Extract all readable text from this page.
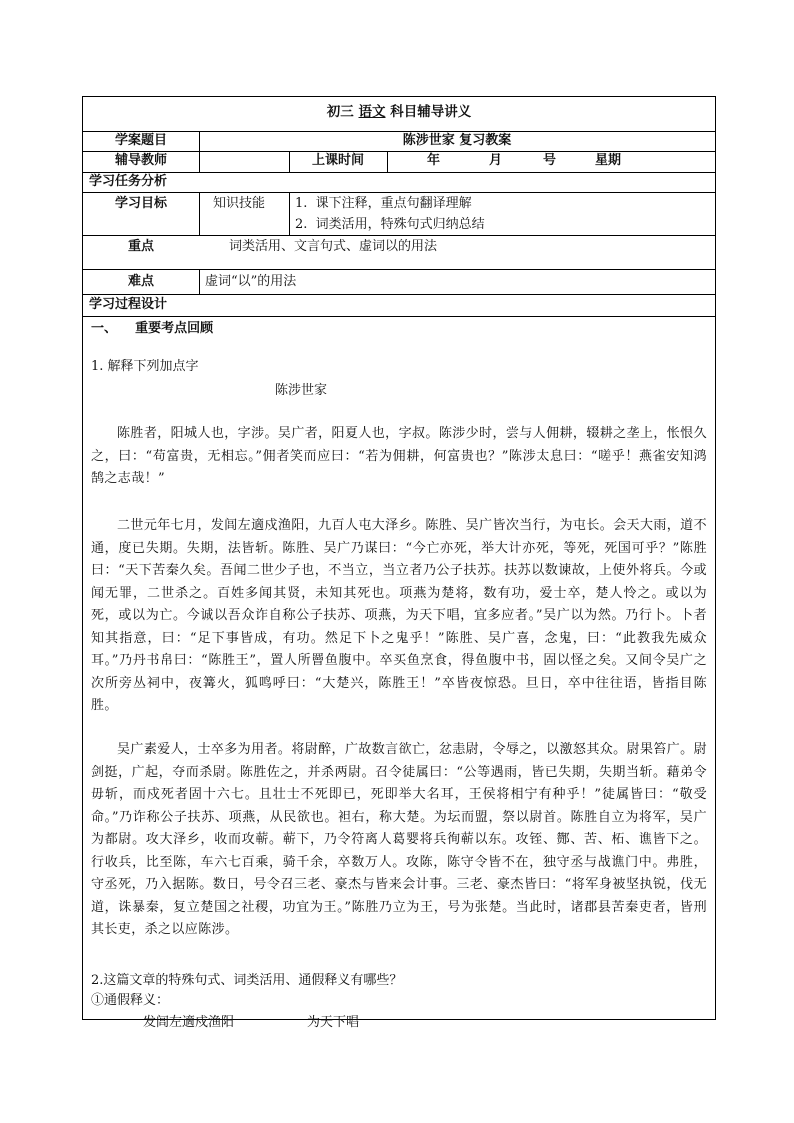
初三 语文 科目辅导讲义
学案题目	陈涉世家 复习教案
辅导教师	上课时间	年	月	号	星期
学习任务分析
学习目标	知识技能 1.  课下注释，重点句翻译理解
2.  词类活用，特殊句式归纳总结
重点	词类活用、文言句式、虚词以的用法
难点	虚词“以”的用法
学习过程设计
一、    重要考点回顾
1. 解释下列加点字
陈涉世家

陈胜者，阳城人也，字涉。吴广者，阳夏人也，字叔。陈涉少时，尝与人佣耕，辍耕之垄上，怅恨久之，曰：“苟富贵，无相忘。”佣者笑而应曰：“若为佣耕，何富贵也？”陈涉太息曰：“嗟乎！燕雀安知鸿鹄之志哉！”

二世元年七月，发闾左適戍渔阳，九百人屯大泽乡。陈胜、吴广皆次当行，为屯长。会天大雨，道不通，度已失期。失期，法皆斩。陈胜、吴广乃谋曰：“今亡亦死，举大计亦死，等死，死国可乎？”陈胜曰：“天下苦秦久矣。吾闻二世少子也，不当立，当立者乃公子扶苏。扶苏以数谏故，上使外将兵。今或闻无罪，二世杀之。百姓多闻其贤，未知其死也。项燕为楚将，数有功，爱士卒，楚人怜之。或以为死，或以为亡。今诚以吾众诈自称公子扶苏、项燕，为天下唱，宜多应者。”吴广以为然。乃行卜。卜者知其指意，曰：“足下事皆成，有功。然足下卜之鬼乎！”陈胜、吴广喜，念鬼，曰：“此教我先威众耳。”乃丹书帛曰：“陈胜王”，置人所罾鱼腹中。卒买鱼烹食，得鱼腹中书，固以怪之矣。又间令吴广之次所旁丛祠中，夜篝火，狐鸣呼曰：“大楚兴，陈胜王！”卒皆夜惊恐。旦日，卒中往往语，皆指目陈胜。

吴广素爱人，士卒多为用者。将尉醉，广故数言欲亡，忿恚尉，令辱之，以激怒其众。尉果笞广。尉剑挺，广起，夺而杀尉。陈胜佐之，并杀两尉。召令徒属曰：“公等遇雨，皆已失期，失期当斩。藉弟令毋斩，而戍死者固十六七。且壮士不死即已，死即举大名耳，王侯将相宁有种乎！”徒属皆曰：“敬受命。”乃诈称公子扶苏、项燕，从民欲也。袒右，称大楚。为坛而盟，祭以尉首。陈胜自立为将军，吴广为都尉。攻大泽乡，收而攻蕲。蕲下，乃令符离人葛婴将兵徇蕲以东。攻铚、酂、苦、柘、谯皆下之。行收兵，比至陈，车六七百乘，骑千余，卒数万人。攻陈，陈守令皆不在，独守丞与战谯门中。弗胜，守丞死，乃入据陈。数日，号令召三老、豪杰与皆来会计事。三老、豪杰皆曰：“将军身被坚执锐，伐无道，诛暴秦，复立楚国之社稷，功宜为王。”陈胜乃立为王，号为张楚。当此时，诸郡县苦秦吏者，皆刑其长吏，杀之以应陈涉。

2.这篇文章的特殊句式、词类活用、通假释义有哪些？
①通假释义：
发闾左適戍渔阳	为天下唱
